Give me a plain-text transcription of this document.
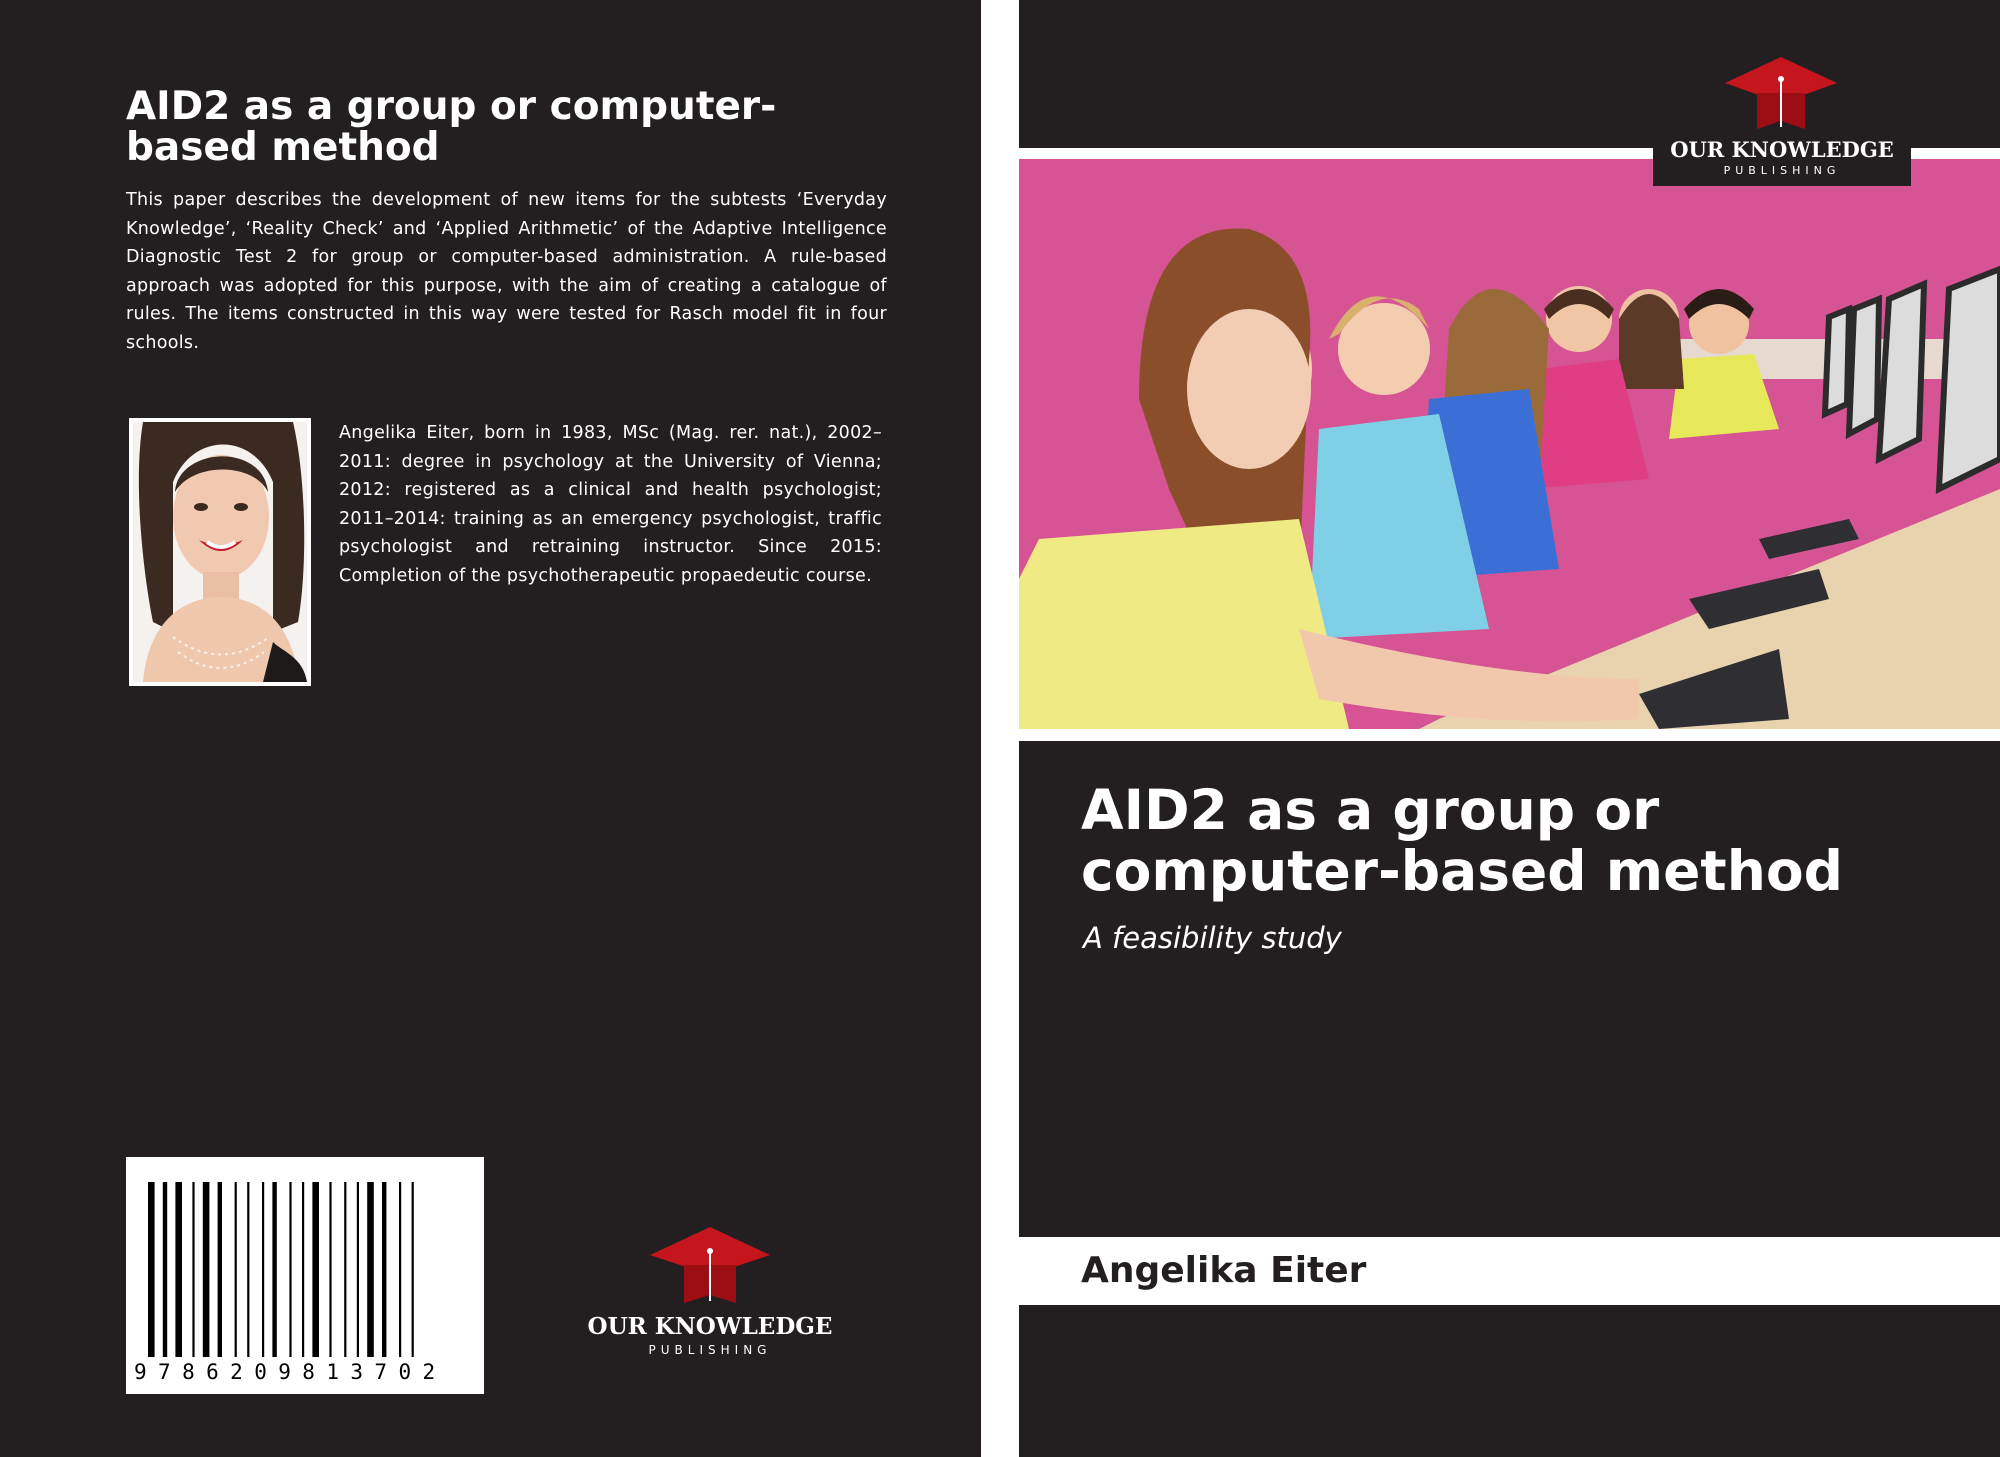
AID2 as a group or computer-based method
This paper describes the development of new items for the subtests ‘Everyday Knowledge’, ‘Reality Check’ and ‘Applied Arithmetic’ of the Adaptive Intelligence Diagnostic Test 2 for group or computer-based administration. A rule-based approach was adopted for this purpose, with the aim of creating a catalogue of rules. The items constructed in this way were tested for Rasch model fit in four schools.
Angelika Eiter, born in 1983, MSc (Mag. rer. nat.), 2002–2011: degree in psychology at the University of Vienna; 2012: registered as a clinical and health psychologist; 2011–2014: training as an emergency psychologist, traffic psychologist and retraining instructor. Since 2015: Completion of the psychotherapeutic propaedeutic course.
9786209813702
OUR KNOWLEDGE
PUBLISHING
OUR KNOWLEDGE
PUBLISHING
AID2 as a group or computer-based method
A feasibility study
Angelika Eiter
